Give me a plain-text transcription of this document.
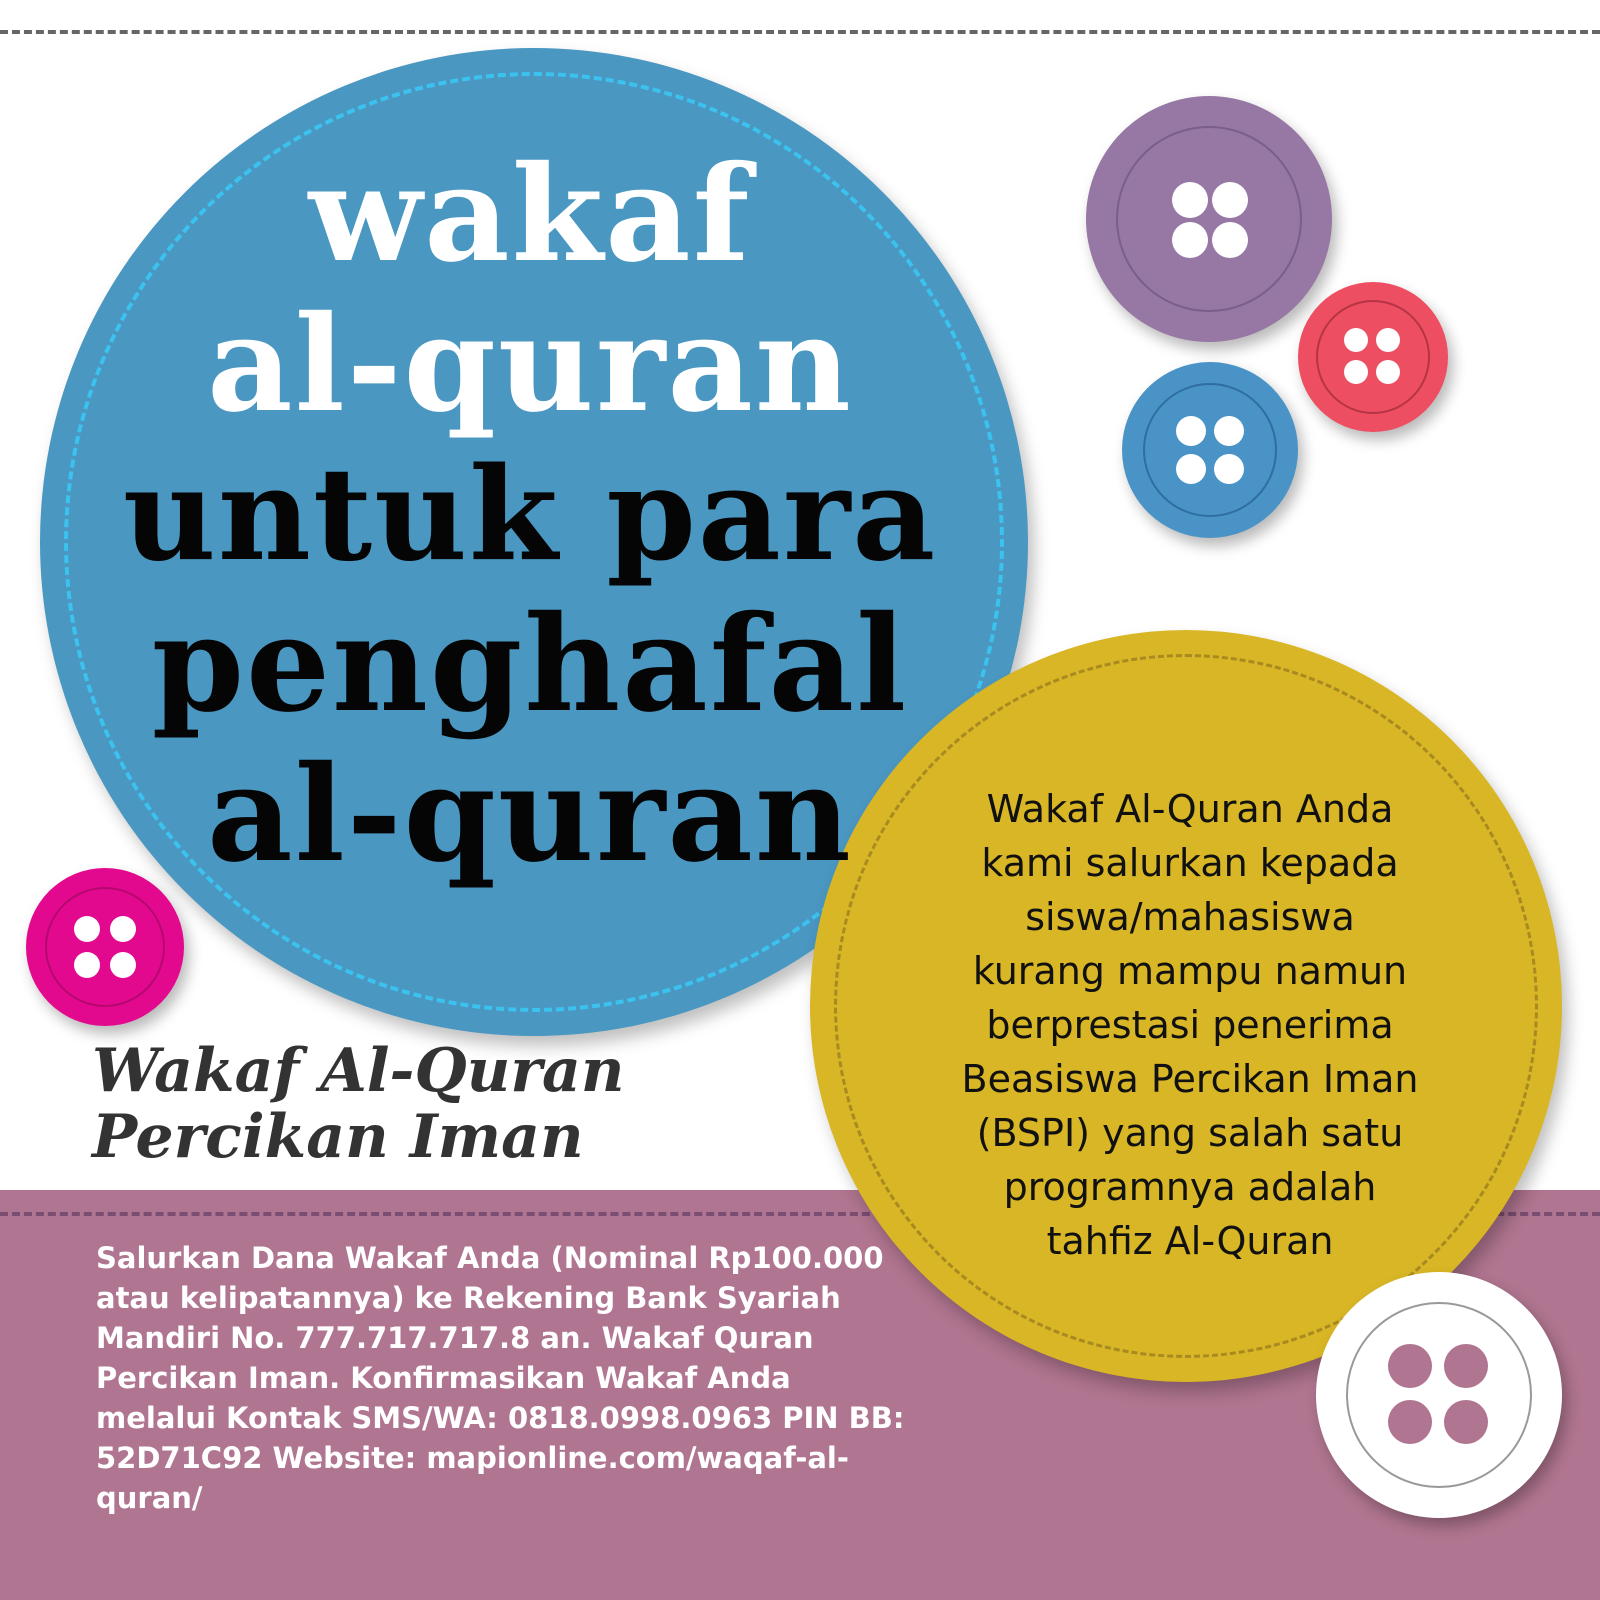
wakaf
al-quran
untuk para
penghafal
al-quran	Wakaf Al-Quran Anda
kami salurkan kepada
siswa/mahasiswa
kurang mampu namun
berprestasi penerima
Beasiswa Percikan Iman
(BSPI) yang salah satu
programnya adalah
tahfiz Al-Quran
Wakaf Al-Quran
Percikan Iman
Salurkan Dana Wakaf Anda (Nominal Rp100.000
atau kelipatannya) ke Rekening Bank Syariah
Mandiri No. 777.717.717.8 an. Wakaf Quran
Percikan Iman. Konfirmasikan Wakaf Anda
melalui Kontak SMS/WA: 0818.0998.0963 PIN BB:
52D71C92 Website: mapionline.com/waqaf-al-
quran/
